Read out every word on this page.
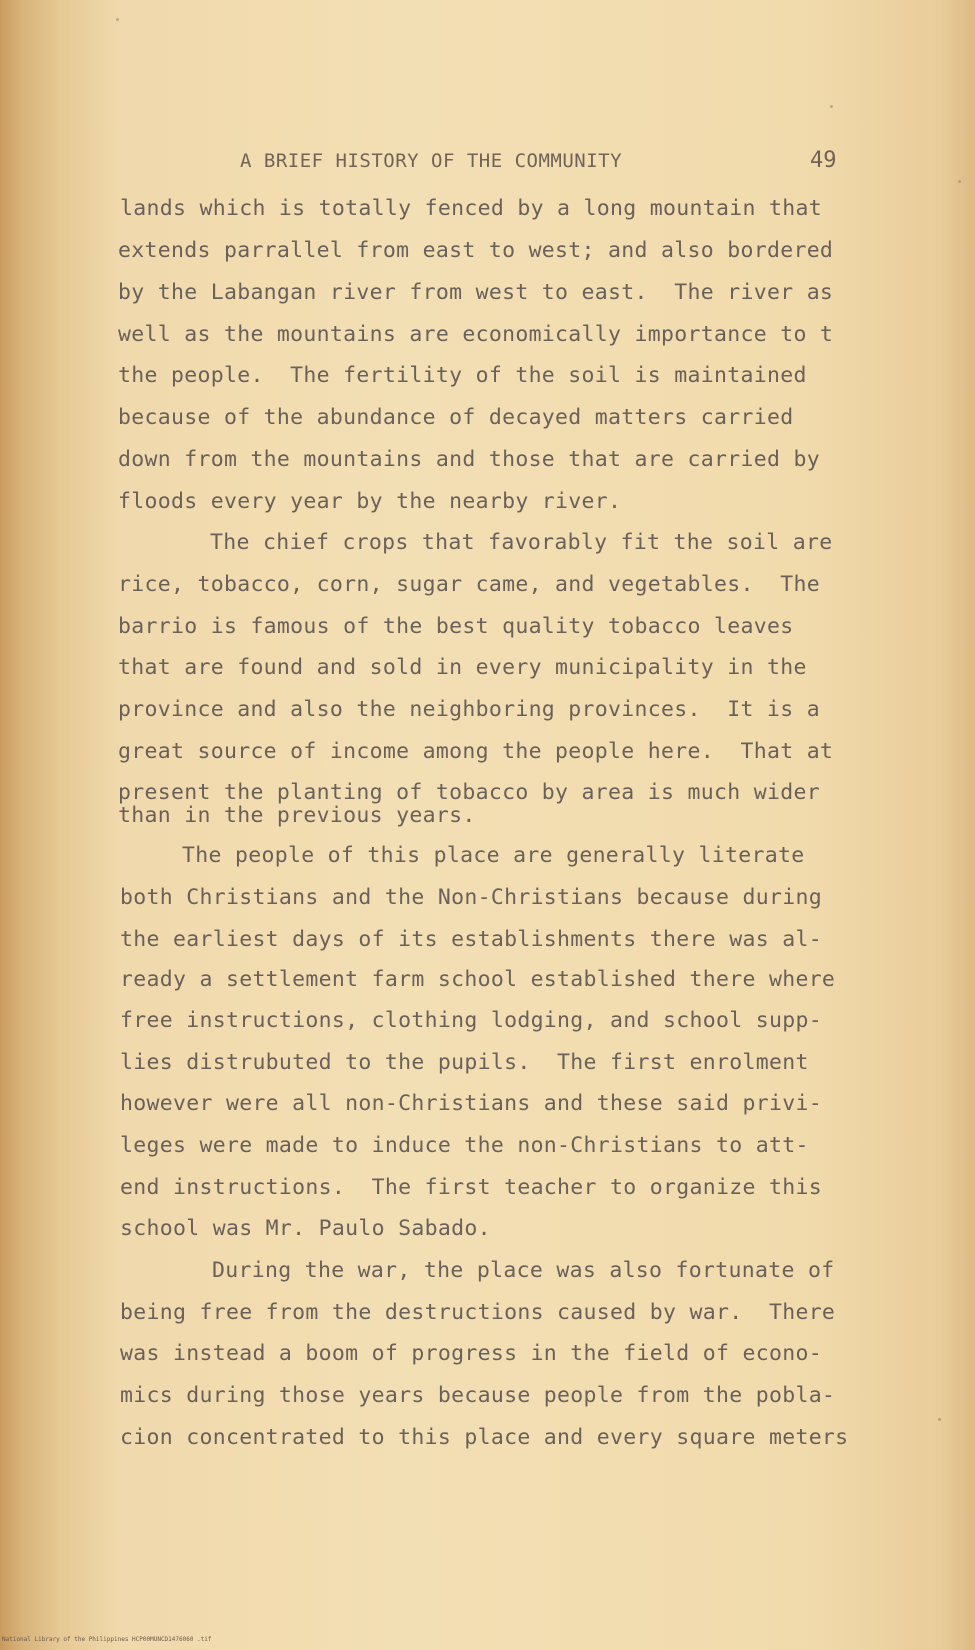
A BRIEF HISTORY OF THE COMMUNITY	49
lands which is totally fenced by a long mountain that
extends parrallel from east to west; and also bordered
by the Labangan river from west to east.  The river as
well as the mountains are economically importance to t
the people.  The fertility of the soil is maintained
because of the abundance of decayed matters carried
down from the mountains and those that are carried by
floods every year by the nearby river.
The chief crops that favorably fit the soil are
rice, tobacco, corn, sugar came, and vegetables.  The
barrio is famous of the best quality tobacco leaves
that are found and sold in every municipality in the
province and also the neighboring provinces.  It is a
great source of income among the people here.  That at
present the planting of tobacco by area is much wider
than in the previous years.
The people of this place are generally literate
both Christians and the Non-Christians because during
the earliest days of its establishments there was al-
ready a settlement farm school established there where
free instructions, clothing lodging, and school supp-
lies distrubuted to the pupils.  The first enrolment
however were all non-Christians and these said privi-
leges were made to induce the non-Christians to att-
end instructions.  The first teacher to organize this
school was Mr. Paulo Sabado.
During the war, the place was also fortunate of
being free from the destructions caused by war.  There
was instead a boom of progress in the field of econo-
mics during those years because people from the pobla-
cion concentrated to this place and every square meters
National Library of the Philippines HCP00MUNCD1476060 .tif
